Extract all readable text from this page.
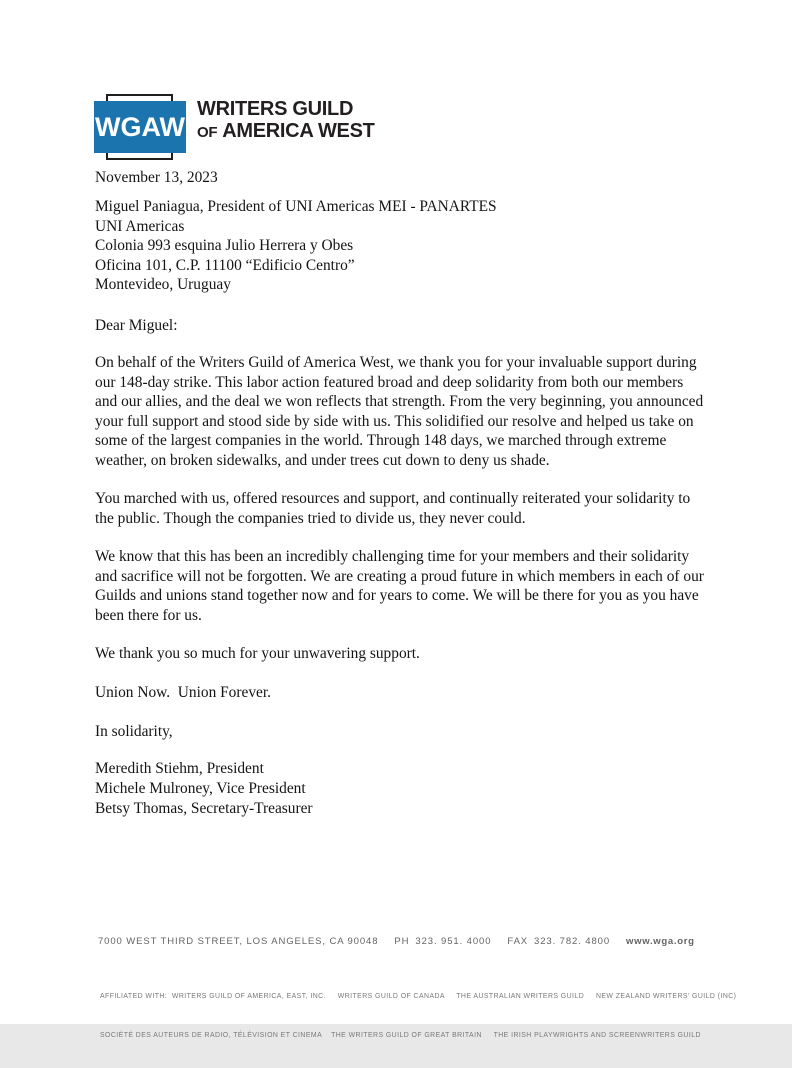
WGAW
WRITERS GUILD
OF AMERICA WEST
November 13, 2023
Miguel Paniagua, President of UNI Americas MEI - PANARTES
UNI Americas
Colonia 993 esquina Julio Herrera y Obes
Oficina 101, C.P. 11100 “Edificio Centro”
Montevideo, Uruguay
Dear Miguel:
On behalf of the Writers Guild of America West, we thank you for your invaluable support during our 148-day strike. This labor action featured broad and deep solidarity from both our members and our allies, and the deal we won reflects that strength. From the very beginning, you announced your full support and stood side by side with us. This solidified our resolve and helped us take on some of the largest companies in the world. Through 148 days, we marched through extreme weather, on broken sidewalks, and under trees cut down to deny us shade.
You marched with us, offered resources and support, and continually reiterated your solidarity to the public. Though the companies tried to divide us, they never could.
We know that this has been an incredibly challenging time for your members and their solidarity and sacrifice will not be forgotten. We are creating a proud future in which members in each of our Guilds and unions stand together now and for years to come. We will be there for you as you have been there for us.
We thank you so much for your unwavering support.
Union Now.  Union Forever.
In solidarity,
Meredith Stiehm, President
Michele Mulroney, Vice President
Betsy Thomas, Secretary-Treasurer
7000 WEST THIRD STREET, LOS ANGELES, CA 90048 PH 323. 951. 4000 FAX 323. 782. 4800 www.wga.org

AFFILIATED WITH:  WRITERS GUILD OF AMERICA, EAST, INC.     WRITERS GUILD OF CANADA     THE AUSTRALIAN WRITERS GUILD     NEW ZEALAND WRITERS’ GUILD (INC)

SOCIÉTÉ DES AUTEURS DE RADIO, TÉLÉVISION ET CINEMA    THE WRITERS GUILD OF GREAT BRITAIN     THE IRISH PLAYWRIGHTS AND SCREENWRITERS GUILD
